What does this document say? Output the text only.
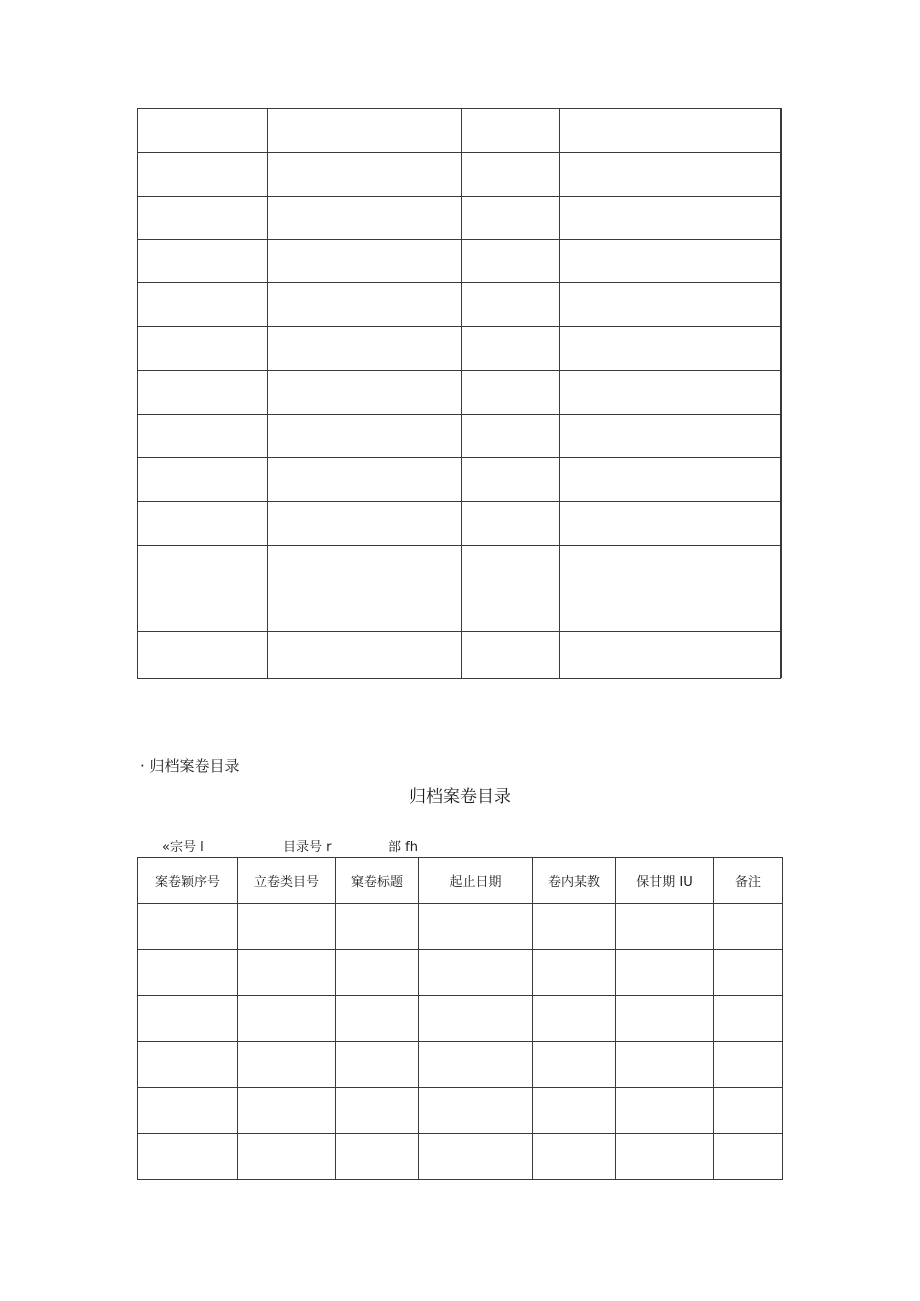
· 归档案卷目录
归档案卷目录
«宗号 l	目录号 r	部 fh
案卷颖序号	立卷类目号	窠卷标题	起止日期	卷内某教	保甘期 IU	备注
